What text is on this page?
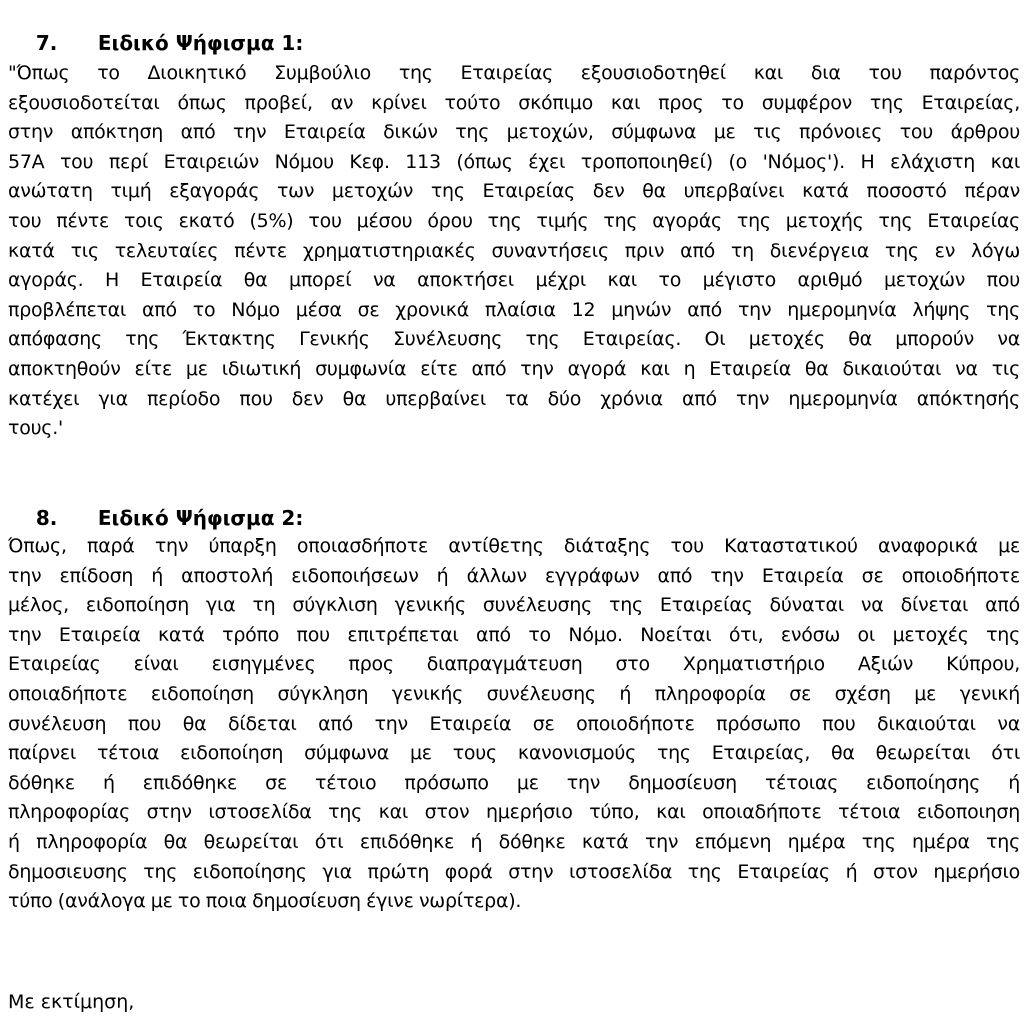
7. Ειδικό Ψήφισμα 1:

"Όπως το Διοικητικό Συμβούλιο της Εταιρείας εξουσιοδοτηθεί και δια του παρόντος
εξουσιοδοτείται όπως προβεί, αν κρίνει τούτο σκόπιμο και προς το συμφέρον της Εταιρείας,
στην απόκτηση από την Εταιρεία δικών της μετοχών, σύμφωνα με τις πρόνοιες του άρθρου
57Α του περί Εταιρειών Νόμου Κεφ. 113 (όπως έχει τροποποιηθεί) (ο 'Νόμος'). Η ελάχιστη και
ανώτατη τιμή εξαγοράς των μετοχών της Εταιρείας δεν θα υπερβαίνει κατά ποσοστό πέραν
του πέντε τοις εκατό (5%) του μέσου όρου της τιμής της αγοράς της μετοχής της Εταιρείας
κατά τις τελευταίες πέντε χρηματιστηριακές συναντήσεις πριν από τη διενέργεια της εν λόγω
αγοράς. Η Εταιρεία θα μπορεί να αποκτήσει μέχρι και το μέγιστο αριθμό μετοχών που
προβλέπεται από το Νόμο μέσα σε χρονικά πλαίσια 12 μηνών από την ημερομηνία λήψης της
απόφασης της Έκτακτης Γενικής Συνέλευσης της Εταιρείας. Οι μετοχές θα μπορούν να
αποκτηθούν είτε με ιδιωτική συμφωνία είτε από την αγορά και η Εταιρεία θα δικαιούται να τις
κατέχει για περίοδο που δεν θα υπερβαίνει τα δύο χρόνια από την ημερομηνία απόκτησής
τους.'

8. Ειδικό Ψήφισμα 2:

Όπως, παρά την ύπαρξη οποιασδήποτε αντίθετης διάταξης του Καταστατικού αναφορικά με
την επίδοση ή αποστολή ειδοποιήσεων ή άλλων εγγράφων από την Εταιρεία σε οποιοδήποτε
μέλος, ειδοποίηση για τη σύγκλιση γενικής συνέλευσης της Εταιρείας δύναται να δίνεται από
την Εταιρεία κατά τρόπο που επιτρέπεται από το Νόμο. Νοείται ότι, ενόσω οι μετοχές της
Εταιρείας είναι εισηγμένες προς διαπραγμάτευση στο Χρηματιστήριο Αξιών Κύπρου,
οποιαδήποτε ειδοποίηση σύγκληση γενικής συνέλευσης ή πληροφορία σε σχέση με γενική
συνέλευση που θα δίδεται από την Εταιρεία σε οποιοδήποτε πρόσωπο που δικαιούται να
παίρνει τέτοια ειδοποίηση σύμφωνα με τους κανονισμούς της Εταιρείας, θα θεωρείται ότι
δόθηκε ή επιδόθηκε σε τέτοιο πρόσωπο με την δημοσίευση τέτοιας ειδοποίησης ή
πληροφορίας στην ιστοσελίδα της και στον ημερήσιο τύπο, και οποιαδήποτε τέτοια ειδοποιηση
ή πληροφορία θα θεωρείται ότι επιδόθηκε ή δόθηκε κατά την επόμενη ημέρα της ημέρα της
δημοσιευσης της ειδοποίησης για πρώτη φορά στην ιστοσελίδα της Εταιρείας ή στον ημερήσιο
τύπο (ανάλογα με το ποια δημοσίευση έγινε νωρίτερα).
Με εκτίμηση,
